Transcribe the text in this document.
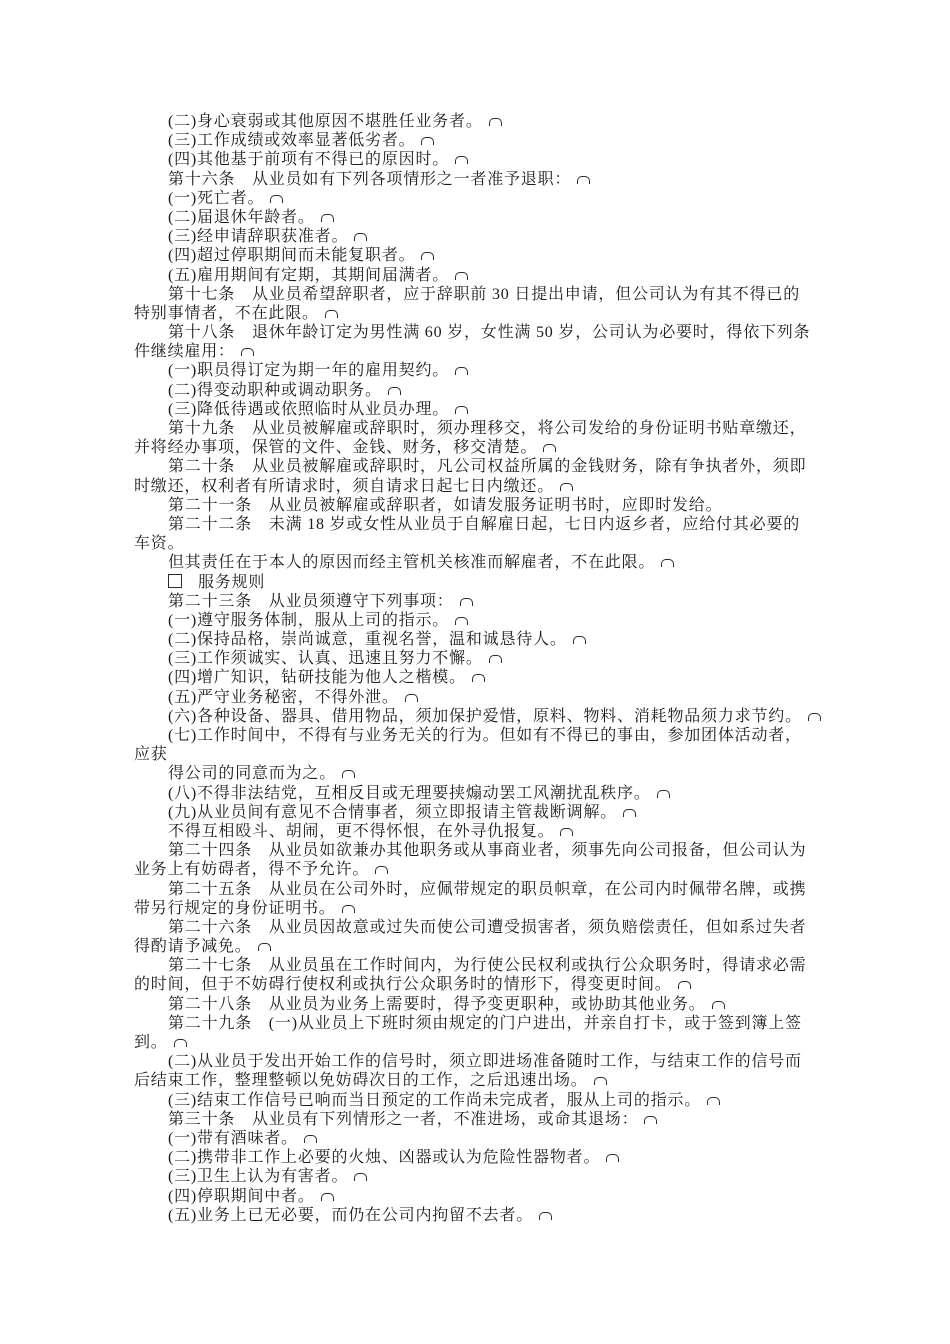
(二)身心衰弱或其他原因不堪胜任业务者。
(三)工作成绩或效率显著低劣者。
(四)其他基于前项有不得已的原因时。
第十六条　从业员如有下列各项情形之一者准予退职：
(一)死亡者。
(二)届退休年龄者。
(三)经申请辞职获准者。
(四)超过停职期间而未能复职者。
(五)雇用期间有定期，其期间届满者。
第十七条　从业员希望辞职者，应于辞职前 30 日提出申请，但公司认为有其不得已的
特别事情者，不在此限。
第十八条　退休年龄订定为男性满 60 岁，女性满 50 岁，公司认为必要时，得依下列条
件继续雇用：
(一)职员得订定为期一年的雇用契约。
(二)得变动职种或调动职务。
(三)降低待遇或依照临时从业员办理。
第十九条　从业员被解雇或辞职时，须办理移交，将公司发给的身份证明书贴章缴还，
并将经办事项，保管的文件、金钱、财务，移交清楚。
第二十条　从业员被解雇或辞职时，凡公司权益所属的金钱财务，除有争执者外，须即
时缴还，权利者有所请求时，须自请求日起七日内缴还。
第二十一条　从业员被解雇或辞职者，如请发服务证明书时，应即时发给。
第二十二条　未满 18 岁或女性从业员于自解雇日起，七日内返乡者，应给付其必要的
车资。
但其责任在于本人的原因而经主管机关核准而解雇者，不在此限。
服务规则
第二十三条　从业员须遵守下列事项：
(一)遵守服务体制，服从上司的指示。
(二)保持品格，崇尚诚意，重视名誉，温和诚恳待人。
(三)工作须诚实、认真、迅速且努力不懈。
(四)增广知识，钻研技能为他人之楷模。
(五)严守业务秘密，不得外泄。
(六)各种设备、器具、借用物品，须加保护爱惜，原料、物料、消耗物品须力求节约。
(七)工作时间中，不得有与业务无关的行为。但如有不得已的事由，参加团体活动者，
应获
得公司的同意而为之。
(八)不得非法结党，互相反目或无理要挟煽动罢工风潮扰乱秩序。
(九)从业员间有意见不合情事者，须立即报请主管裁断调解。
不得互相殴斗、胡闹，更不得怀恨，在外寻仇报复。
第二十四条　从业员如欲兼办其他职务或从事商业者，须事先向公司报备，但公司认为
业务上有妨碍者，得不予允许。
第二十五条　从业员在公司外时，应佩带规定的职员帜章，在公司内时佩带名牌，或携
带另行规定的身份证明书。
第二十六条　从业员因故意或过失而使公司遭受损害者，须负赔偿责任，但如系过失者
得酌请予减免。
第二十七条　从业员虽在工作时间内，为行使公民权利或执行公众职务时，得请求必需
的时间，但于不妨碍行使权利或执行公众职务时的情形下，得变更时间。
第二十八条　从业员为业务上需要时，得予变更职种，或协助其他业务。
第二十九条　(一)从业员上下班时须由规定的门户进出，并亲自打卡，或于签到簿上签
到。
(二)从业员于发出开始工作的信号时，须立即进场准备随时工作，与结束工作的信号而
后结束工作，整理整顿以免妨碍次日的工作，之后迅速出场。
(三)结束工作信号已响而当日预定的工作尚未完成者，服从上司的指示。
第三十条　从业员有下列情形之一者，不准进场，或命其退场：
(一)带有酒味者。
(二)携带非工作上必要的火烛、凶器或认为危险性器物者。
(三)卫生上认为有害者。
(四)停职期间中者。
(五)业务上已无必要，而仍在公司内拘留不去者。
